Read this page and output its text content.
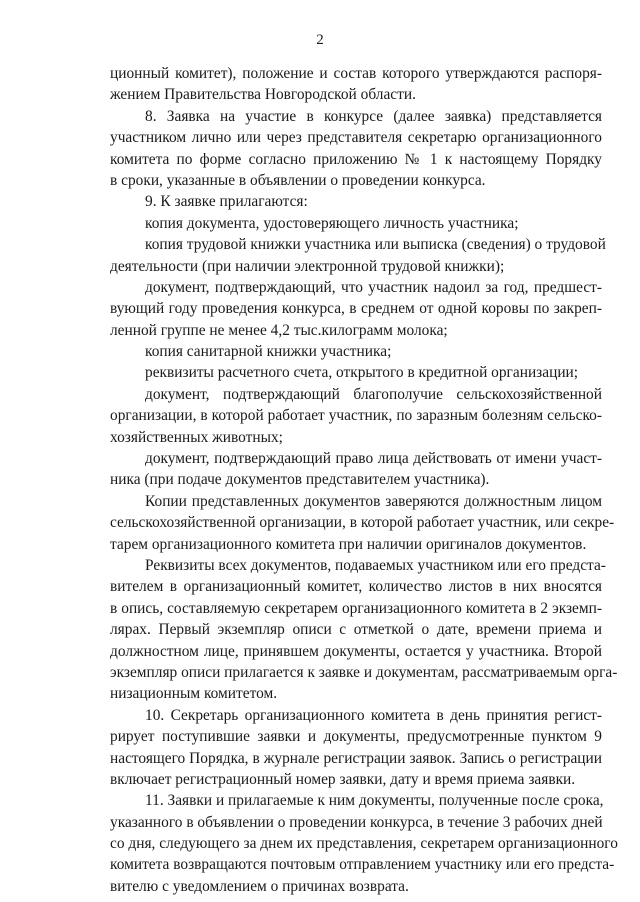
2
ционный комитет), положение и состав которого утверждаются распоря-
жением Правительства Новгородской области.
8. Заявка на участие в конкурсе (далее заявка) представляется
участником лично или через представителя секретарю организационного
комитета по форме согласно приложению № 1 к настоящему Порядку
в сроки, указанные в объявлении о проведении конкурса.
9. К заявке прилагаются:
копия документа, удостоверяющего личность участника;
копия трудовой книжки участника или выписка (сведения) о трудовой
деятельности (при наличии электронной трудовой книжки);
документ, подтверждающий, что участник надоил за год, предшест-
вующий году проведения конкурса, в среднем от одной коровы по закреп-
ленной группе не менее 4,2 тыс.килограмм молока;
копия санитарной книжки участника;
реквизиты расчетного счета, открытого в кредитной организации;
документ, подтверждающий благополучие сельскохозяйственной
организации, в которой работает участник, по заразным болезням сельско-
хозяйственных животных;
документ, подтверждающий право лица действовать от имени участ-
ника (при подаче документов представителем участника).
Копии представленных документов заверяются должностным лицом
сельскохозяйственной организации, в которой работает участник, или секре-
тарем организационного комитета при наличии оригиналов документов.
Реквизиты всех документов, подаваемых участником или его предста-
вителем в организационный комитет, количество листов в них вносятся
в опись, составляемую секретарем организационного комитета в 2 экземп-
лярах. Первый экземпляр описи с отметкой о дате, времени приема и
должностном лице, принявшем документы, остается у участника. Второй
экземпляр описи прилагается к заявке и документам, рассматриваемым орга-
низационным комитетом.
10. Секретарь организационного комитета в день принятия регист-
рирует поступившие заявки и документы, предусмотренные пунктом 9
настоящего Порядка, в журнале регистрации заявок. Запись о регистрации
включает регистрационный номер заявки, дату и время приема заявки.
11. Заявки и прилагаемые к ним документы, полученные после срока,
указанного в объявлении о проведении конкурса, в течение 3 рабочих дней
со дня, следующего за днем их представления, секретарем организационного
комитета возвращаются почтовым отправлением участнику или его предста-
вителю с уведомлением о причинах возврата.
